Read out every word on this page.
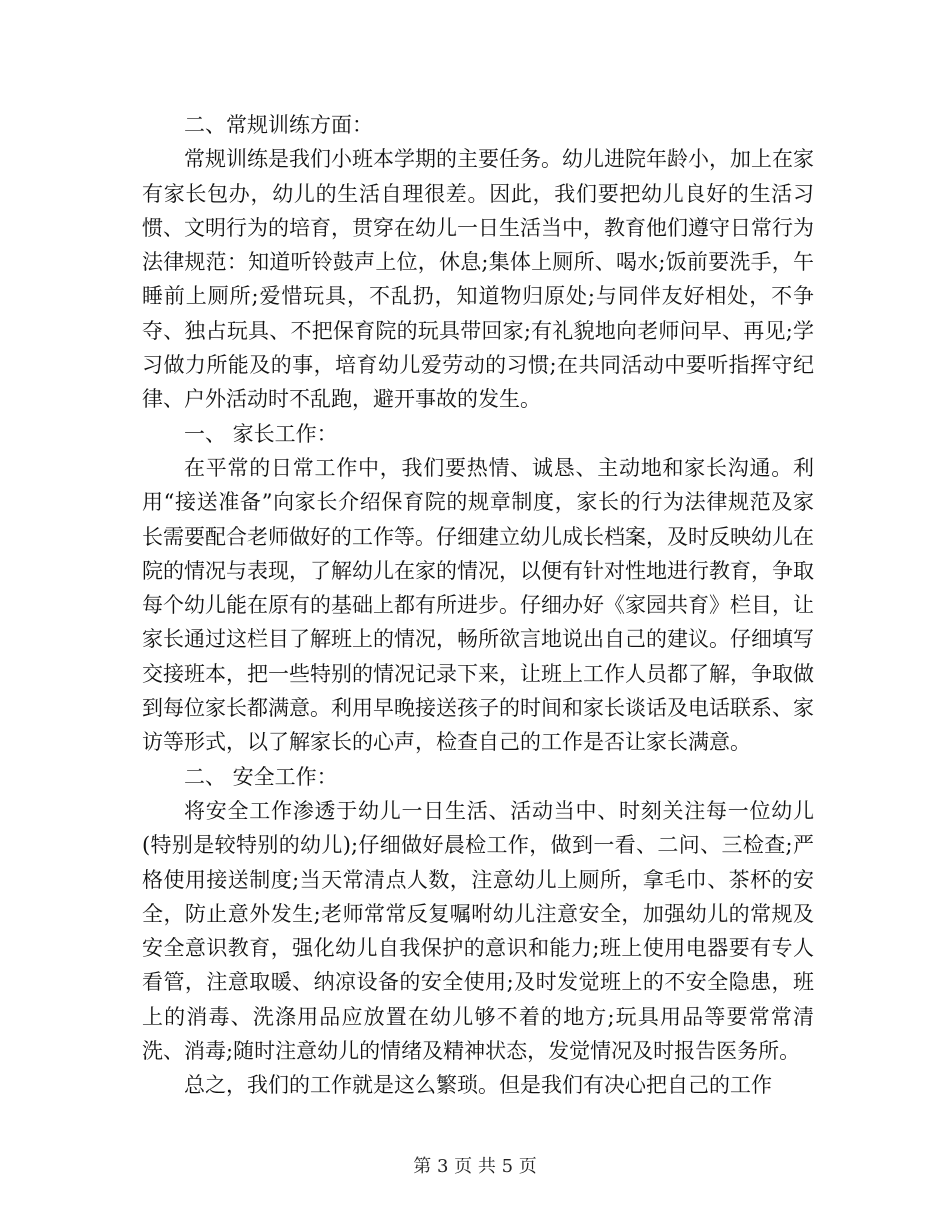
二、常规训练方面：

常规训练是我们小班本学期的主要任务。幼儿进院年龄小，加上在家有家长包办，幼儿的生活自理很差。因此，我们要把幼儿良好的生活习惯、文明行为的培育，贯穿在幼儿一日生活当中，教育他们遵守日常行为法律规范：知道听铃鼓声上位，休息;集体上厕所、喝水;饭前要洗手，午睡前上厕所;爱惜玩具，不乱扔，知道物归原处;与同伴友好相处，不争夺、独占玩具、不把保育院的玩具带回家;有礼貌地向老师问早、再见;学习做力所能及的事，培育幼儿爱劳动的习惯;在共同活动中要听指挥守纪律、户外活动时不乱跑，避开事故的发生。

一、 家长工作：

在平常的日常工作中，我们要热情、诚恳、主动地和家长沟通。利用“接送准备”向家长介绍保育院的规章制度，家长的行为法律规范及家长需要配合老师做好的工作等。仔细建立幼儿成长档案，及时反映幼儿在院的情况与表现，了解幼儿在家的情况，以便有针对性地进行教育，争取每个幼儿能在原有的基础上都有所进步。仔细办好《家园共育》栏目，让家长通过这栏目了解班上的情况，畅所欲言地说出自己的建议。仔细填写交接班本，把一些特别的情况记录下来，让班上工作人员都了解，争取做到每位家长都满意。利用早晚接送孩子的时间和家长谈话及电话联系、家访等形式，以了解家长的心声，检查自己的工作是否让家长满意。

二、 安全工作：

将安全工作渗透于幼儿一日生活、活动当中、时刻关注每一位幼儿(特别是较特别的幼儿);仔细做好晨检工作，做到一看、二问、三检查;严格使用接送制度;当天常清点人数，注意幼儿上厕所，拿毛巾、茶杯的安全，防止意外发生;老师常常反复嘱咐幼儿注意安全，加强幼儿的常规及安全意识教育，强化幼儿自我保护的意识和能力;班上使用电器要有专人看管，注意取暖、纳凉设备的安全使用;及时发觉班上的不安全隐患，班上的消毒、洗涤用品应放置在幼儿够不着的地方;玩具用品等要常常清洗、消毒;随时注意幼儿的情绪及精神状态，发觉情况及时报告医务所。

总之，我们的工作就是这么繁琐。但是我们有决心把自己的工作

第 3 页 共 5 页
